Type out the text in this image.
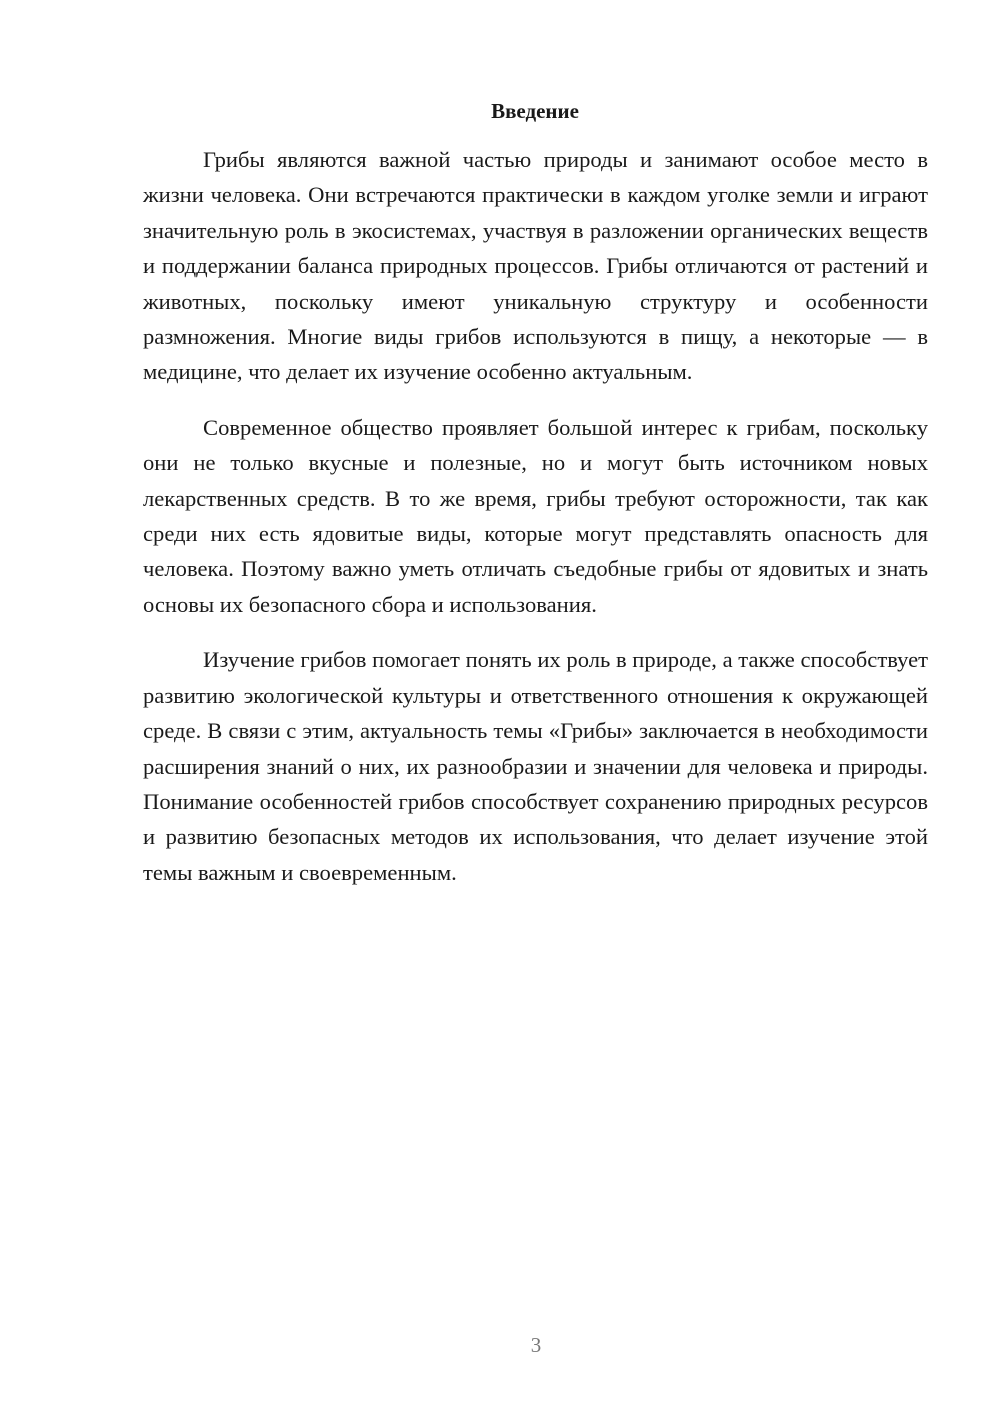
Введение

Грибы являются важной частью природы и занимают особое место в жизни человека. Они встречаются практически в каждом уголке земли и играют значительную роль в экосистемах, участвуя в разложении органических веществ и поддержании баланса природных процессов. Грибы отличаются от растений и животных, поскольку имеют уникальную структуру и особенности размножения. Многие виды грибов используются в пищу, а некоторые — в медицине, что делает их изучение особенно актуальным.

Современное общество проявляет большой интерес к грибам, поскольку они не только вкусные и полезные, но и могут быть источником новых лекарственных средств. В то же время, грибы требуют осторожности, так как среди них есть ядовитые виды, которые могут представлять опасность для человека. Поэтому важно уметь отличать съедобные грибы от ядовитых и знать основы их безопасного сбора и использования.

Изучение грибов помогает понять их роль в природе, а также способствует развитию экологической культуры и ответственного отношения к окружающей среде. В связи с этим, актуальность темы «Грибы» заключается в необходимости расширения знаний о них, их разнообразии и значении для человека и природы. Понимание особенностей грибов способствует сохранению природных ресурсов и развитию безопасных методов их использования, что делает изучение этой темы важным и своевременным.

3
